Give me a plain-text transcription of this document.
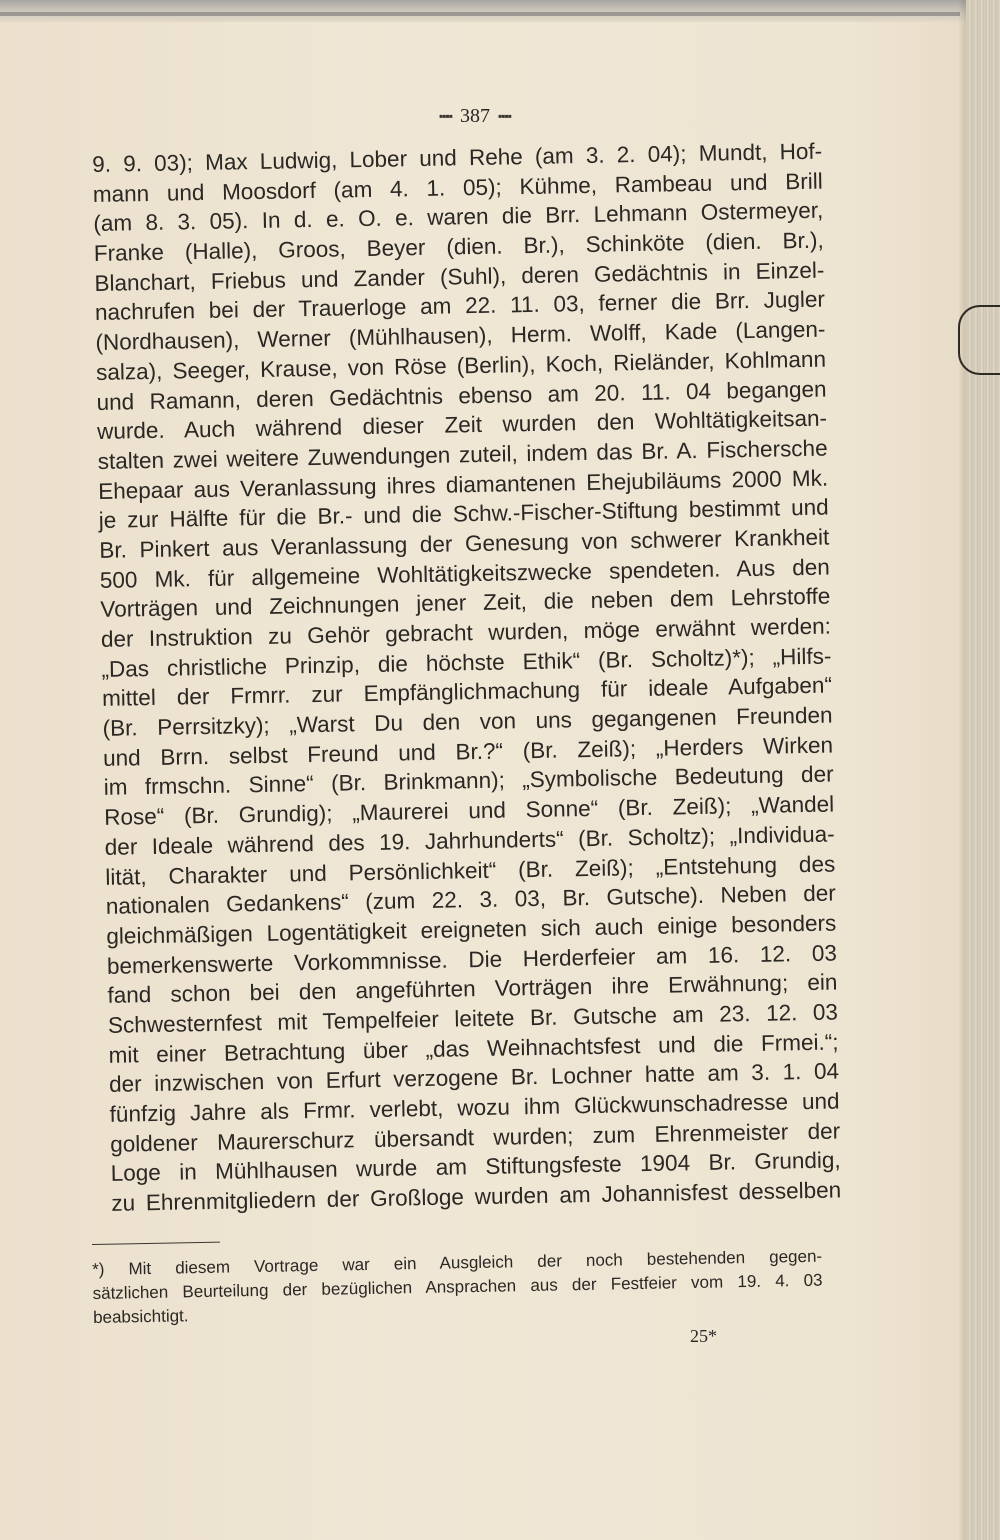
▪▪▪▪ 387 ▪▪▪▪
9. 9. 03); Max Ludwig, Lober und Rehe (am 3. 2. 04); Mundt, Hof-
mann und Moosdorf (am 4. 1. 05); Kühme, Rambeau und Brill
(am 8. 3. 05). In d. e. O. e. waren die Brr. Lehmann Ostermeyer,
Franke (Halle), Groos, Beyer (dien. Br.), Schinköte (dien. Br.),
Blanchart, Friebus und Zander (Suhl), deren Gedächtnis in Einzel-
nachrufen bei der Trauerloge am 22. 11. 03, ferner die Brr. Jugler
(Nordhausen), Werner (Mühlhausen), Herm. Wolff, Kade (Langen-
salza), Seeger, Krause, von Röse (Berlin), Koch, Rieländer, Kohlmann
und Ramann, deren Gedächtnis ebenso am 20. 11. 04 begangen
wurde. Auch während dieser Zeit wurden den Wohltätigkeitsan-
stalten zwei weitere Zuwendungen zuteil, indem das Br. A. Fischersche
Ehepaar aus Veranlassung ihres diamantenen Ehejubiläums 2000 Mk.
je zur Hälfte für die Br.- und die Schw.-Fischer-Stiftung bestimmt und
Br. Pinkert aus Veranlassung der Genesung von schwerer Krankheit
500 Mk. für allgemeine Wohltätigkeitszwecke spendeten. Aus den
Vorträgen und Zeichnungen jener Zeit, die neben dem Lehrstoffe
der Instruktion zu Gehör gebracht wurden, möge erwähnt werden:
„Das christliche Prinzip, die höchste Ethik“ (Br. Scholtz)*); „Hilfs-
mittel der Frmrr. zur Empfänglichmachung für ideale Aufgaben“
(Br. Perrsitzky); „Warst Du den von uns gegangenen Freunden
und Brrn. selbst Freund und Br.?“ (Br. Zeiß); „Herders Wirken
im frmschn. Sinne“ (Br. Brinkmann); „Symbolische Bedeutung der
Rose“ (Br. Grundig); „Maurerei und Sonne“ (Br. Zeiß); „Wandel
der Ideale während des 19. Jahrhunderts“ (Br. Scholtz); „Individua-
lität, Charakter und Persönlichkeit“ (Br. Zeiß); „Entstehung des
nationalen Gedankens“ (zum 22. 3. 03, Br. Gutsche). Neben der
gleichmäßigen Logentätigkeit ereigneten sich auch einige besonders
bemerkenswerte Vorkommnisse. Die Herderfeier am 16. 12. 03
fand schon bei den angeführten Vorträgen ihre Erwähnung; ein
Schwesternfest mit Tempelfeier leitete Br. Gutsche am 23. 12. 03
mit einer Betrachtung über „das Weihnachtsfest und die Frmei.“;
der inzwischen von Erfurt verzogene Br. Lochner hatte am 3. 1. 04
fünfzig Jahre als Frmr. verlebt, wozu ihm Glückwunschadresse und
goldener Maurerschurz übersandt wurden; zum Ehrenmeister der
Loge in Mühlhausen wurde am Stiftungsfeste 1904 Br. Grundig,
zu Ehrenmitgliedern der Großloge wurden am Johannisfest desselben
*) Mit diesem Vortrage war ein Ausgleich der noch bestehenden gegen-
sätzlichen Beurteilung der bezüglichen Ansprachen aus der Festfeier vom 19. 4. 03
beabsichtigt.
25*
